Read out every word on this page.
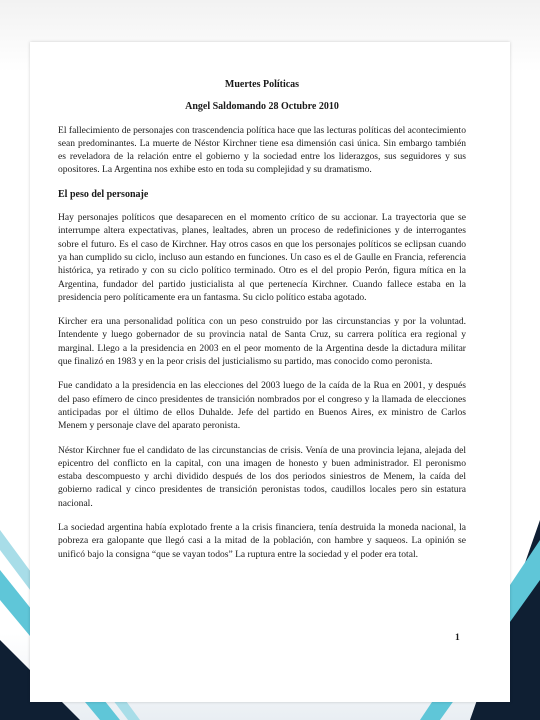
Muertes Políticas
Angel Saldomando 28 Octubre 2010

El fallecimiento de personajes con trascendencia política hace que las lecturas políticas del acontecimiento sean predominantes. La muerte de Néstor Kirchner tiene esa dimensión casi única. Sin embargo también es reveladora de la relación entre el gobierno y la sociedad entre los liderazgos, sus seguidores y sus opositores. La Argentina nos exhibe esto en toda su complejidad y su dramatismo.

El peso del personaje

Hay personajes políticos que desaparecen en el momento crítico de su accionar. La trayectoria que se interrumpe altera expectativas, planes, lealtades, abren un proceso de redefiniciones y de interrogantes sobre el futuro. Es el caso de Kirchner. Hay otros casos en que los personajes políticos se eclipsan cuando ya han cumplido su ciclo, incluso aun estando en funciones. Un caso es el de Gaulle en Francia, referencia histórica, ya retirado y con su ciclo político terminado. Otro es el del propio Perón, figura mítica en la Argentina, fundador del partido justicialista al que pertenecía Kirchner. Cuando fallece estaba en la presidencia pero políticamente era un fantasma. Su ciclo político estaba agotado.

Kircher era una personalidad política con un peso construido por las circunstancias y por la voluntad. Intendente y luego gobernador de su provincia natal de Santa Cruz, su carrera política era regional y marginal. Llego a la presidencia en 2003 en el peor momento de la Argentina desde la dictadura militar que finalizó en 1983 y en la peor crisis del justicialismo su partido, mas conocido como peronista.

Fue candidato a la presidencia en las elecciones del 2003 luego de la caída de la Rua en 2001, y después del paso efímero de cinco presidentes de transición nombrados por el congreso y la llamada de elecciones anticipadas por el último de ellos Duhalde. Jefe del partido en Buenos Aires, ex ministro de Carlos Menem y personaje clave del aparato peronista.

Néstor Kirchner fue el candidato de las circunstancias de crisis. Venía de una provincia lejana, alejada del epicentro del conflicto en la capital, con una imagen de honesto y buen administrador. El peronismo estaba descompuesto y archi dividido después de los dos periodos siniestros de Menem, la caída del gobierno radical y cinco presidentes de transición peronistas todos, caudillos locales pero sin estatura nacional.

La sociedad argentina había explotado frente a la crisis financiera, tenía destruida la moneda nacional, la pobreza era galopante que llegó casi a la mitad de la población, con hambre y saqueos. La opinión se unificó bajo la consigna “que se vayan todos” La ruptura entre la sociedad y el poder era total.

1
